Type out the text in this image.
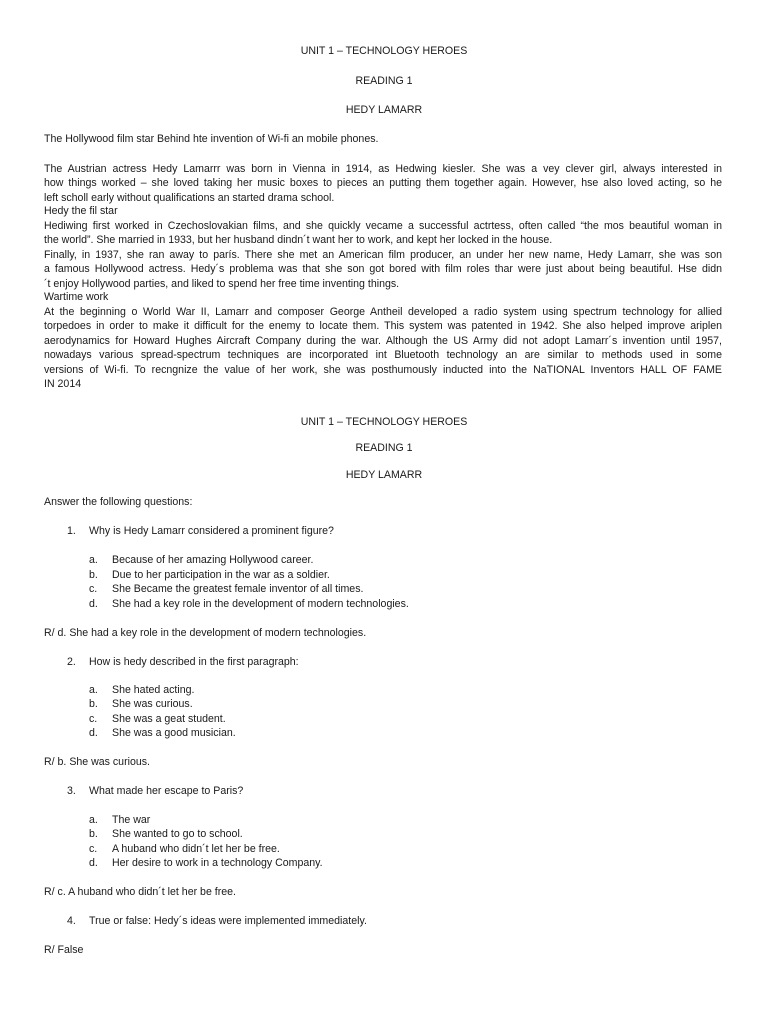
UNIT 1 – TECHNOLOGY HEROES
READING 1
HEDY LAMARR
The Hollywood film star Behind hte invention of Wi-fi an mobile phones.
The Austrian actress Hedy Lamarrr was born in Vienna in 1914, as Hedwing kiesler. She was a vey clever girl, always interested in
how things worked – she loved taking her music boxes to pieces an putting them together again. However, hse also loved acting, so he
left scholl early without qualifications an started drama school.
Hedy the fil star
Hediwing first worked in Czechoslovakian films, and she quickly vecame a successful actrtess, often called “the mos beautiful woman in
the world”. She married in 1933, but her husband dindn´t want her to work, and kept her locked in the house.
Finally, in 1937, she ran away to parís. There she met an American film producer, an under her new name, Hedy Lamarr, she was son
a famous Hollywood actress. Hedy´s problema was that she son got bored with film roles thar were just about being beautiful. Hse didn
´t enjoy Hollywood parties, and liked to spend her free time inventing things.
Wartime work
At the beginning o World War II, Lamarr and composer George Antheil developed a radio system using spectrum technology for allied
torpedoes in order to make it difficult for the enemy to locate them. This system was patented in 1942. She also helped improve ariplen
aerodynamics for Howard Hughes Aircraft Company during the war. Although the US Army did not adopt Lamarr´s invention until 1957,
nowadays various spread-spectrum techniques are incorporated int Bluetooth technology an are similar to methods used in some
versions of Wi-fi. To recngnize the value of her work, she was posthumously inducted into the NaTIONAL Inventors HALL OF FAME
IN 2014
UNIT 1 – TECHNOLOGY HEROES
READING 1
HEDY LAMARR
Answer the following questions:
1. Why is Hedy Lamarr considered a prominent figure?
a. Because of her amazing Hollywood career.
b. Due to her participation in the war as a soldier.
c. She Became the greatest female inventor of all times.
d. She had a key role in the development of modern technologies.
R/ d. She had a key role in the development of modern technologies.
2. How is hedy described in the first paragraph:
a. She hated acting.
b. She was curious.
c. She was a geat student.
d. She was a good musician.
R/ b. She was curious.
3. What made her escape to Paris?
a. The war
b. She wanted to go to school.
c. A huband who didn´t let her be free.
d. Her desire to work in a technology Company.
R/ c. A huband who didn´t let her be free.
4. True or false: Hedy´s ideas were implemented immediately.
R/ False
